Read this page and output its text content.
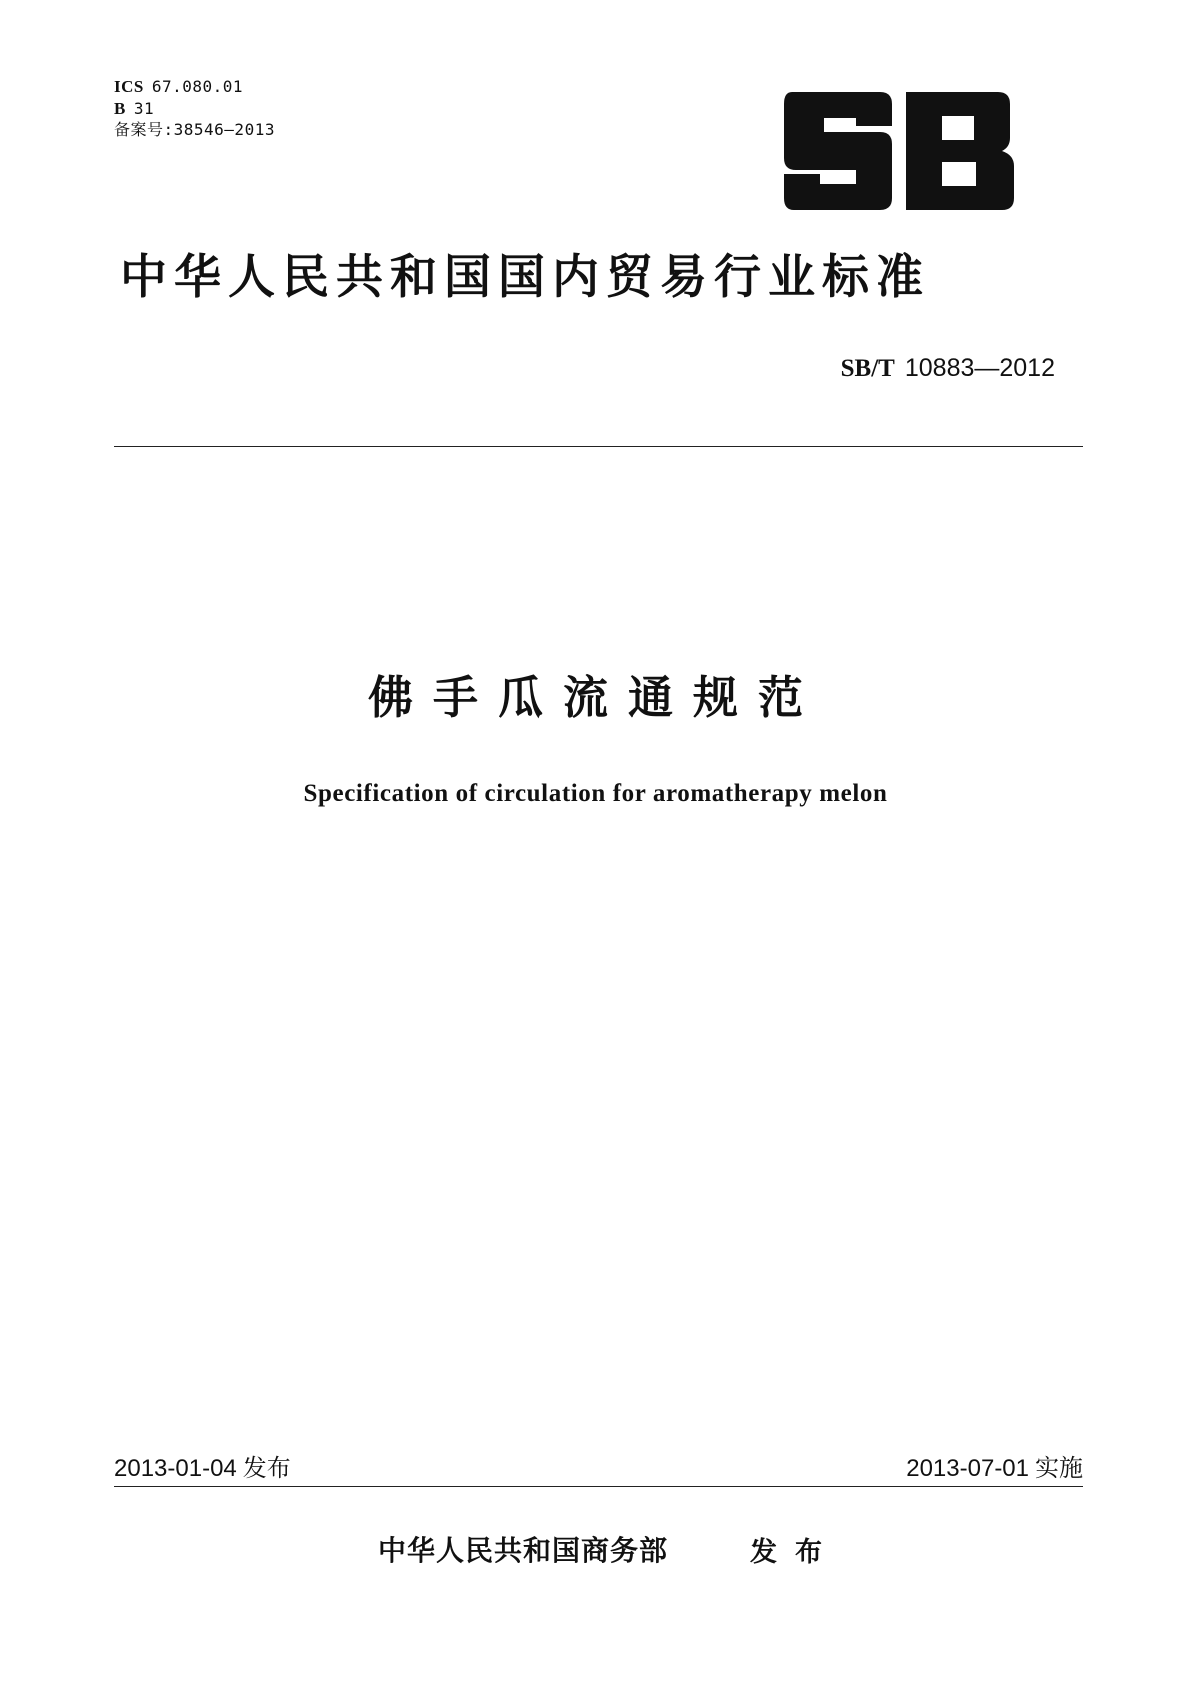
ICS 67.080.01
B 31
备案号:38546—2013
中华人民共和国国内贸易行业标准
SB/T 10883—2012
佛手瓜流通规范
Specification of circulation for aromatherapy melon
2013-01-04 发布	2013-07-01 实施
中华人民共和国商务部	发布
